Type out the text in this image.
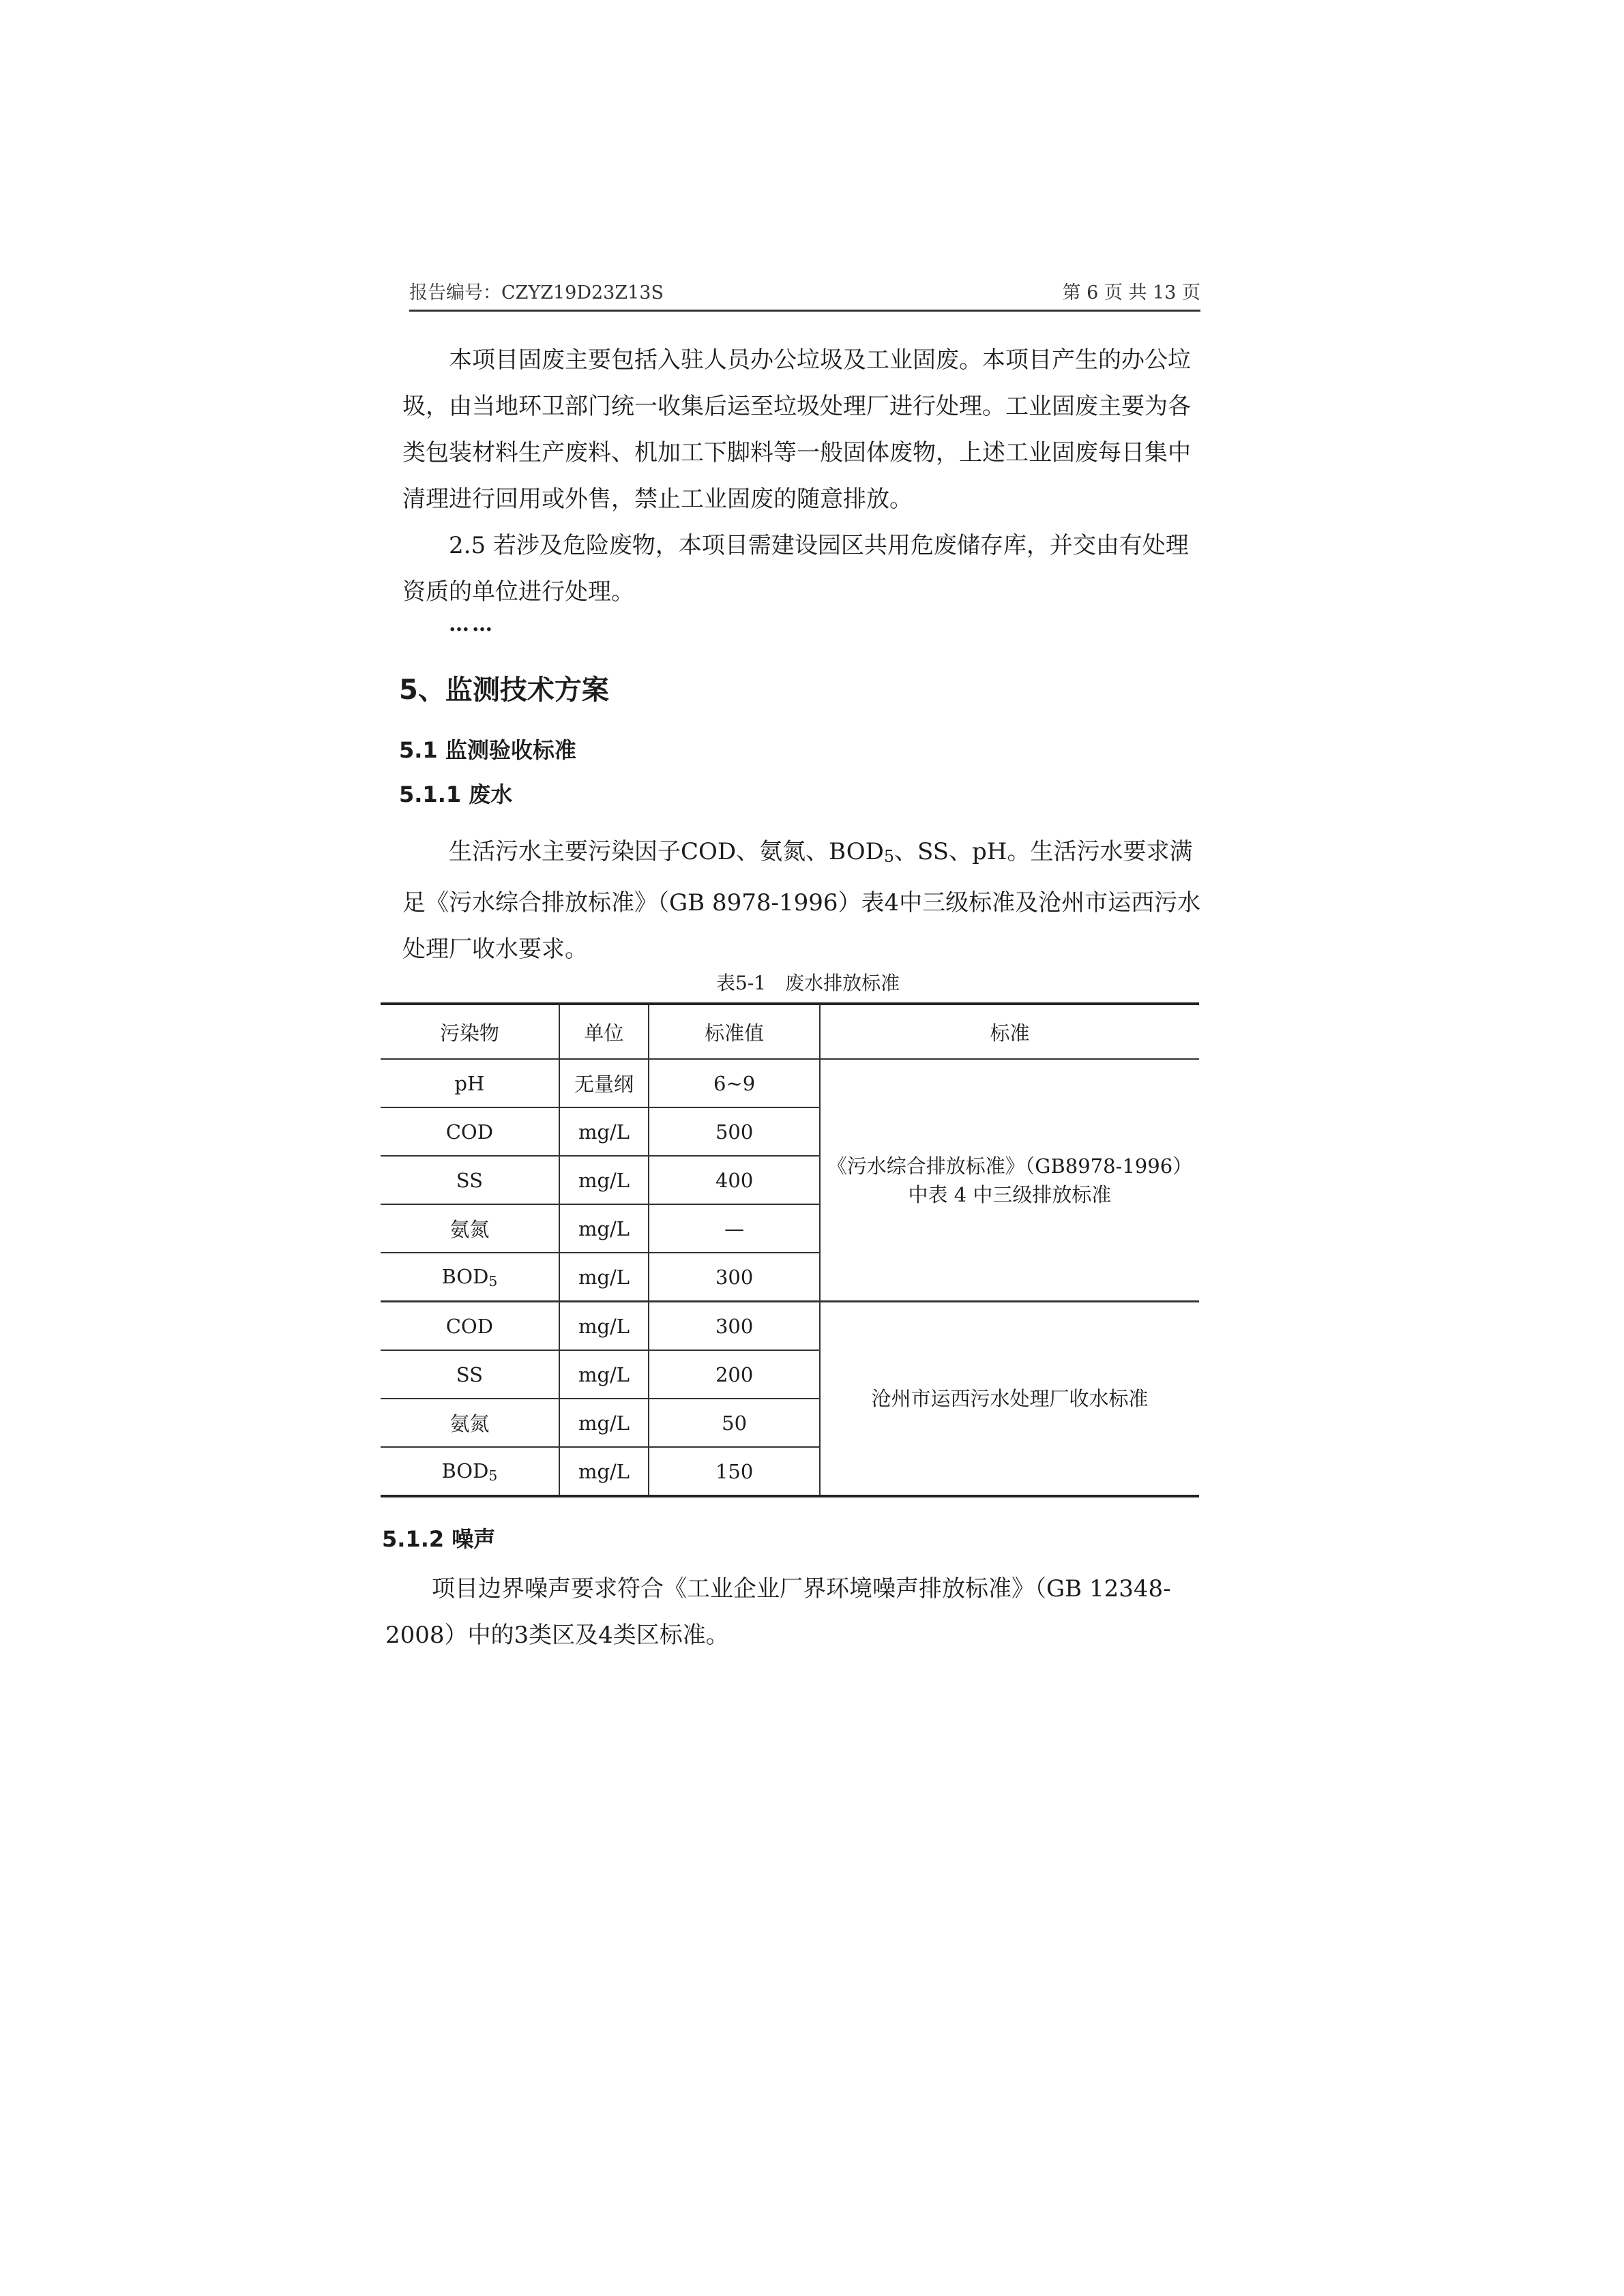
报告编号：CZYZ19D23Z13S	第 6 页 共 13 页
本项目固废主要包括入驻人员办公垃圾及工业固废。本项目产生的办公垃圾，由当地环卫部门统一收集后运至垃圾处理厂进行处理。工业固废主要为各类包装材料生产废料、机加工下脚料等一般固体废物，上述工业固废每日集中清理进行回用或外售，禁止工业固废的随意排放。
2.5 若涉及危险废物，本项目需建设园区共用危废储存库，并交由有处理资质的单位进行处理。
……
5、监测技术方案
5.1 监测验收标准
5.1.1 废水
生活污水主要污染因子COD、氨氮、$BOD_5$、SS、pH。生活污水要求满足《污水综合排放标准》（GB 8978-1996）表4中三级标准及沧州市运西污水处理厂收水要求。
表5-1 废水排放标准
污染物	单位	标准值	标准
pH	无量纲	6~9	《污水综合排放标准》（GB8978-1996）中表 4 中三级排放标准
COD	mg/L	500	
SS	mg/L	400	
氨氮	mg/L	—	
$BOD_5$	mg/L	300	
COD	mg/L	300	沧州市运西污水处理厂收水标准
SS	mg/L	200	
氨氮	mg/L	50	
$BOD_5$	mg/L	150	
5.1.2 噪声
项目边界噪声要求符合《工业企业厂界环境噪声排放标准》（GB 12348-2008）中的3类区及4类区标准。
